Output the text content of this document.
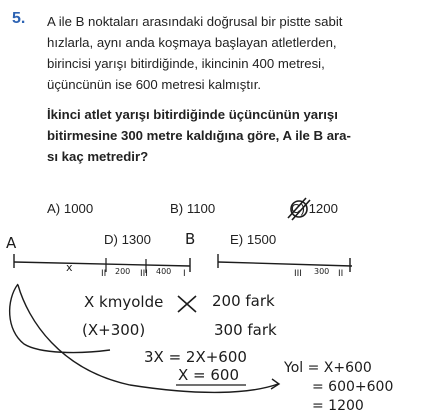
5. A ile B noktaları arasındaki doğrusal bir pistte sabit

hızlarla, aynı anda koşmaya başlayan atletlerden,

birincisi yarışı bitirdiğinde, ikincinin 400 metresi,

üçüncünün ise 600 metresi kalmıştır.

İkinci atlet yarışı bitirdiğinde üçüncünün yarışı

bitirmesine 300 metre kaldığına göre, A ile B ara-

sı kaç metredir?

A) 1000	B) 1100	C) 1200
D) 1300	E) 1500
A	B
x	II 200 III 400 I	III 300 II
X kmyolde	200 fark
(X+300)	300 fark
3X = 2X+600
X = 600	Yol = X+600
= 600+600
= 1200
